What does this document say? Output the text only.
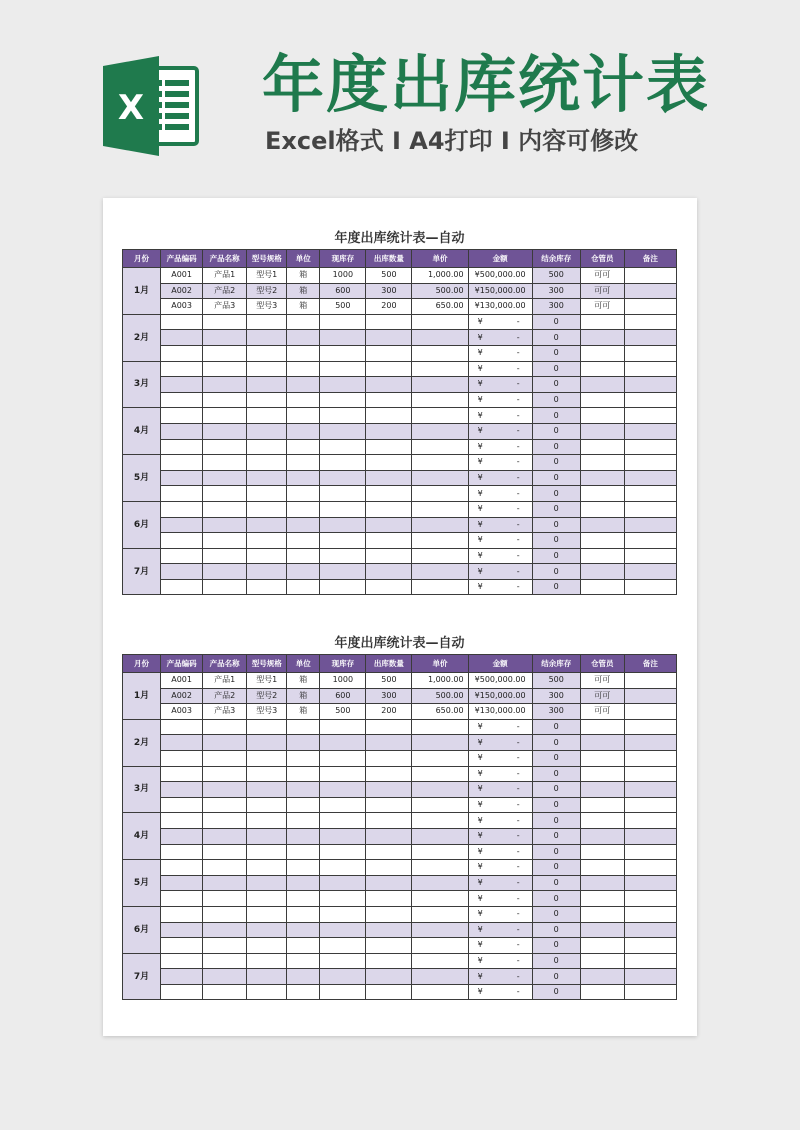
X 年度出库统计表
Excel格式 I A4打印 I 内容可修改
年度出库统计表—自动
月份	产品编码	产品名称	型号规格	单位	现库存	出库数量	单价	金额	结余库存	仓管员	备注
1月	A001	产品1	型号1	箱	1000	500	1,000.00	¥500,000.00	500	可可	
	A002	产品2	型号2	箱	600	300	500.00	¥150,000.00	300	可可	
	A003	产品3	型号3	箱	500	200	650.00	¥130,000.00	300	可可	
2月								¥ -	0		

								¥ -	0		

								¥ -	0		
3月								¥ -	0		

								¥ -	0		

								¥ -	0		
4月								¥ -	0		

								¥ -	0		

								¥ -	0		
5月								¥ -	0		

								¥ -	0		

								¥ -	0		
6月								¥ -	0		

								¥ -	0		

								¥ -	0		
7月								¥ -	0		

								¥ -	0		

								¥ -	0		
年度出库统计表—自动
月份	产品编码	产品名称	型号规格	单位	现库存	出库数量	单价	金额	结余库存	仓管员	备注
1月	A001	产品1	型号1	箱	1000	500	1,000.00	¥500,000.00	500	可可	
	A002	产品2	型号2	箱	600	300	500.00	¥150,000.00	300	可可	
	A003	产品3	型号3	箱	500	200	650.00	¥130,000.00	300	可可	
2月								¥ -	0		

								¥ -	0		

								¥ -	0		
3月								¥ -	0		

								¥ -	0		

								¥ -	0		
4月								¥ -	0		

								¥ -	0		

								¥ -	0		
5月								¥ -	0		

								¥ -	0		

								¥ -	0		
6月								¥ -	0		

								¥ -	0		

								¥ -	0		
7月								¥ -	0		

								¥ -	0		

								¥ -	0		
